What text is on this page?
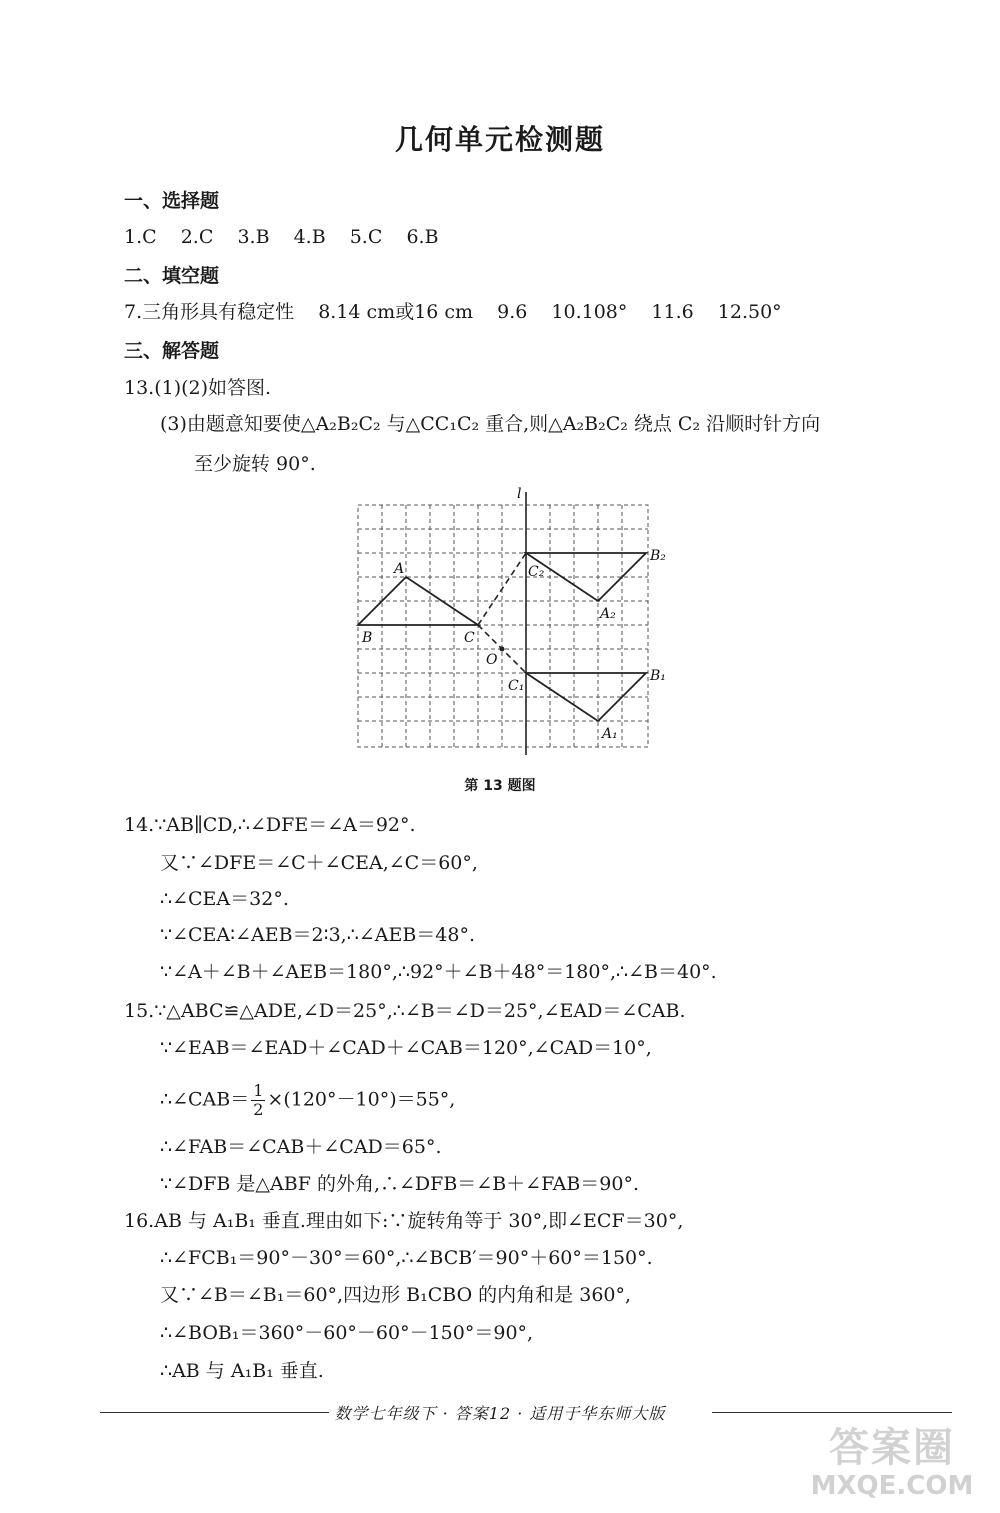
几何单元检测题
一、选择题
1.C 2.C 3.B 4.B 5.C 6.B
二、填空题
7.三角形具有稳定性 8.14 cm或16 cm 9.6 10.108° 11.6 12.50°
三、解答题
13.(1)(2)如答图.
(3)由题意知要使△A₂B₂C₂ 与△CC₁C₂ 重合,则△A₂B₂C₂ 绕点 C₂ 沿顺时针方向
至少旋转 90°.
l
A
B	C
O
C₁
C₂
A₁
A₂
B₁
B₂
第 13 题图
14.∵AB∥CD,∴∠DFE＝∠A＝92°.
又∵∠DFE＝∠C＋∠CEA,∠C＝60°,
∴∠CEA＝32°.
∵∠CEA∶∠AEB＝2∶3,∴∠AEB＝48°.
∵∠A＋∠B＋∠AEB＝180°,∴92°＋∠B＋48°＝180°,∴∠B＝40°.
15.∵△ABC≌△ADE,∠D＝25°,∴∠B＝∠D＝25°,∠EAD＝∠CAB.
∵∠EAB＝∠EAD＋∠CAD＋∠CAB＝120°,∠CAD＝10°,
∴∠CAB＝ $\frac{1}{2} \times(120^\circ-10^\circ)=55^\circ$,
∴∠FAB＝∠CAB＋∠CAD＝65°.
∵∠DFB 是△ABF 的外角,∴∠DFB＝∠B＋∠FAB＝90°.
16.AB 与 A₁B₁ 垂直.理由如下:∵旋转角等于 30°,即∠ECF＝30°,
∴∠FCB₁＝90°－30°＝60°,∴∠BCB′＝90°＋60°＝150°.
又∵∠B＝∠B₁＝60°,四边形 B₁CBO 的内角和是 360°,
∴∠BOB₁＝360°－60°－60°－150°＝90°,
∴AB 与 A₁B₁ 垂直.
数学七年级下 · 答案12 · 适用于华东师大版
答案圈
MXQE.COM
